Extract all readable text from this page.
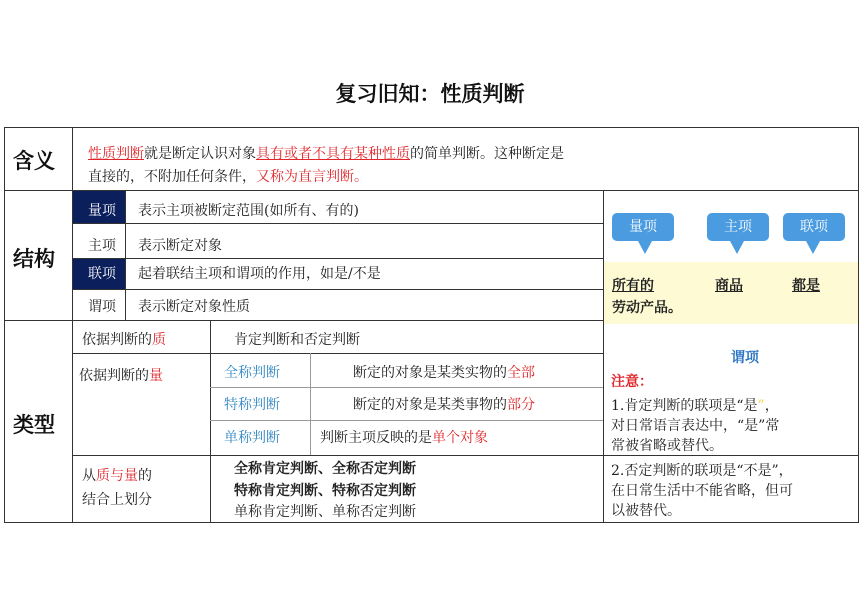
复习旧知：性质判断
含义 性质判断就是断定认识对象具有或者不具有某种性质的简单判断。这种断定是
直接的，不附加任何条件，又称为直言判断。
结构
量项 表示主项被断定范围(如所有、有的)
主项 表示断定对象
联项 起着联结主项和谓项的作用，如是/不是
谓项 表示断定对象性质
量项	主项	联项
所有的	商品	都是
劳动产品。
谓项
类型
依据判断的质	肯定判断和否定判断
依据判断的量	全称判断	断定的对象是某类实物的全部
特称判断	断定的对象是某类事物的部分
单称判断	判断主项反映的是单个对象
从质与量的
结合上划分
全称肯定判断、全称否定判断
特称肯定判断、特称否定判断
单称肯定判断、单称否定判断
注意：
1.肯定判断的联项是“是”，
对日常语言表达中，“是”常
常被省略或替代。
2.否定判断的联项是“不是”，
在日常生活中不能省略，但可
以被替代。
